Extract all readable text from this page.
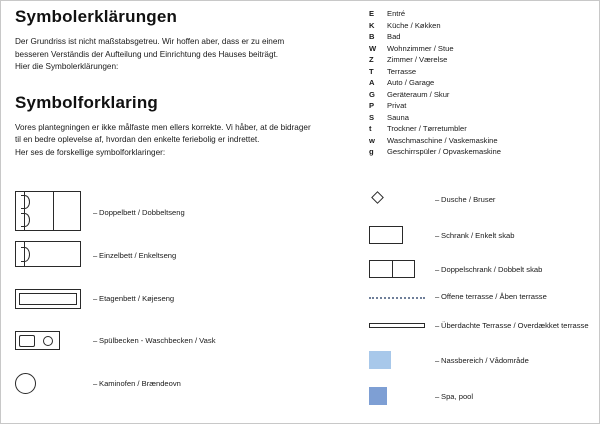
Symbolerklärungen
Der Grundriss ist nicht maßstabsgetreu. Wir hoffen aber, dass er zu einem
besseren Verständis der Aufteilung und Einrichtung des Hauses beiträgt.
Hier die Symbolerklärungen:
Symbolforklaring
Vores plantegningen er ikke målfaste men ellers korrekte. Vi håber, at de bidrager
til en bedre oplevelse af, hvordan den enkelte feriebolig er indrettet.
Her ses de forskellige symbolforklaringer:
– Doppelbett / Dobbeltseng
– Einzelbett / Enkeltseng
– Etagenbett / Køjeseng
– Spülbecken - Waschbecken / Vask
– Kaminofen / Brændeovn
E	Entré
K	Küche / Køkken
B	Bad
W	Wohnzimmer / Stue
Z	Zimmer / Værelse
T	Terrasse
A	Auto / Garage
G	Geräteraum / Skur
P	Privat
S	Sauna
t	Trockner / Tørretumbler
w	Waschmaschine / Vaskemaskine
g	Geschirrspüler / Opvaskemaskine
– Dusche / Bruser
– Schrank / Enkelt skab
– Doppelschrank / Dobbelt skab
– Offene terrasse / Åben terrasse
– Überdachte Terrasse / Overdækket terrasse
– Nassbereich / Vådområde
– Spa, pool
